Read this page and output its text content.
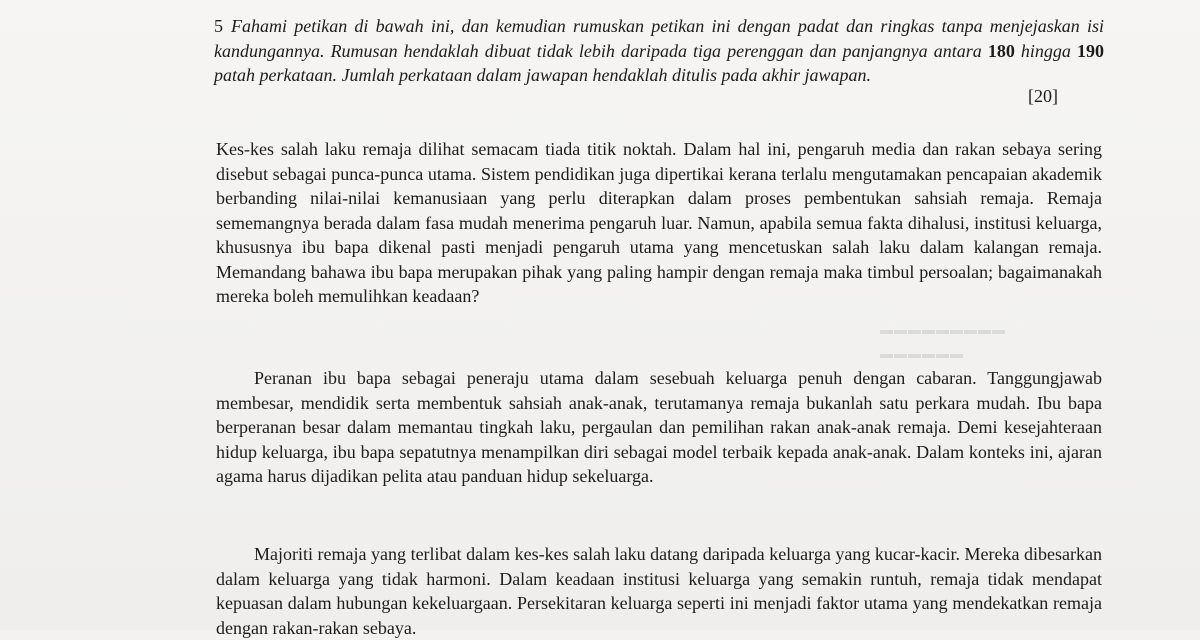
▬▬▬▬▬▬▬▬▬
▬▬▬▬▬▬
5 Fahami petikan di bawah ini, dan kemudian rumuskan petikan ini dengan padat dan ringkas tanpa menjejaskan isi kandungannya. Rumusan hendaklah dibuat tidak lebih daripada tiga perenggan dan panjangnya antara 180 hingga 190 patah perkataan. Jumlah perkataan dalam jawapan hendaklah ditulis pada akhir jawapan.
[20]

Kes-kes salah laku remaja dilihat semacam tiada titik noktah. Dalam hal ini, pengaruh media dan rakan sebaya sering disebut sebagai punca-punca utama. Sistem pendidikan juga dipertikai kerana terlalu mengutamakan pencapaian akademik berbanding nilai-nilai kemanusiaan yang perlu diterapkan dalam proses pembentukan sahsiah remaja. Remaja sememangnya berada dalam fasa mudah menerima pengaruh luar. Namun, apabila semua fakta dihalusi, institusi keluarga, khususnya ibu bapa dikenal pasti menjadi pengaruh utama yang mencetuskan salah laku dalam kalangan remaja. Memandang bahawa ibu bapa merupakan pihak yang paling hampir dengan remaja maka timbul persoalan; bagaimanakah mereka boleh memulihkan keadaan?

Peranan ibu bapa sebagai peneraju utama dalam sesebuah keluarga penuh dengan cabaran. Tanggungjawab membesar, mendidik serta membentuk sahsiah anak-anak, terutamanya remaja bukanlah satu perkara mudah. Ibu bapa berperanan besar dalam memantau tingkah laku, pergaulan dan pemilihan rakan anak-anak remaja. Demi kesejahteraan hidup keluarga, ibu bapa sepatutnya menampilkan diri sebagai model terbaik kepada anak-anak. Dalam konteks ini, ajaran agama harus dijadikan pelita atau panduan hidup sekeluarga.

Majoriti remaja yang terlibat dalam kes-kes salah laku datang daripada keluarga yang kucar-kacir. Mereka dibesarkan dalam keluarga yang tidak harmoni. Dalam keadaan institusi keluarga yang semakin runtuh, remaja tidak mendapat kepuasan dalam hubungan kekeluargaan. Persekitaran keluarga seperti ini menjadi faktor utama yang mendekatkan remaja dengan rakan-rakan sebaya.
